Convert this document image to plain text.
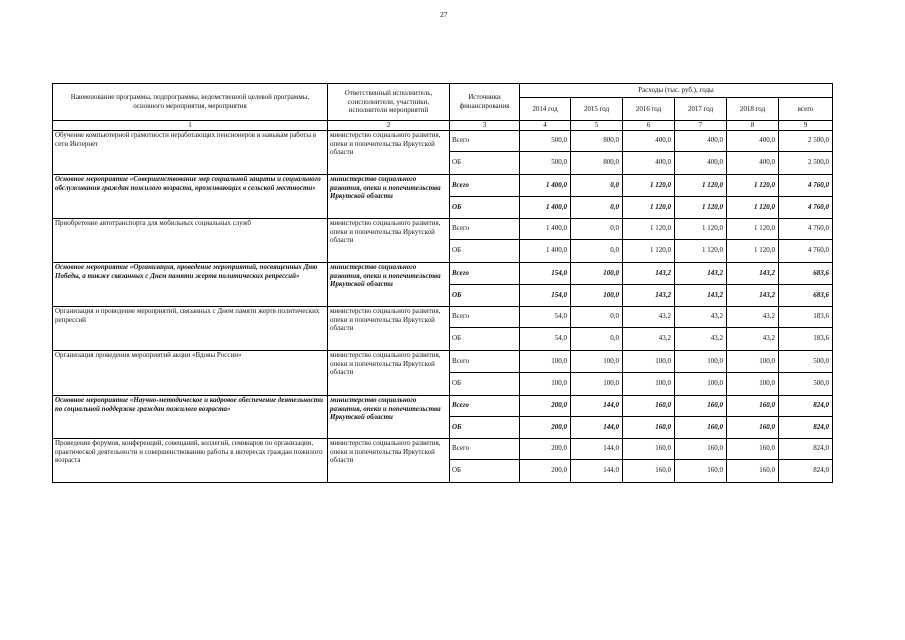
27
Наименование программы, подпрограммы, ведомственной целевой программы, основного мероприятия, мероприятия	Ответственный исполнитель, соисполнители, участники, исполнители мероприятий	Источники финансирования	Расходы (тыс. руб.), годы					
			2014 год	2015 год	2016 год	2017 год	2018 год	всего
1	2	3	4	5	6	7	8	9
Обучение компьютерной грамотности неработающих пенсионеров и навыкам работы в сети Интернет	министерство социального развития, опеки и попечительства Иркутской области	Всего	500,0	800,0	400,0	400,0	400,0	2 500,0
		ОБ	500,0	800,0	400,0	400,0	400,0	2 500,0
Основное мероприятие «Совершенствование мер социальной защиты и социального обслуживания граждан пожилого возраста, проживающих в сельской местности»	министерство социального развития, опеки и попечительства Иркутской области	Всего	1 400,0	0,0	1 120,0	1 120,0	1 120,0	4 760,0
		ОБ	1 400,0	0,0	1 120,0	1 120,0	1 120,0	4 760,0
Приобретение автотранспорта для мобильных социальных служб	министерство социального развития, опеки и попечительства Иркутской области	Всего	1 400,0	0,0	1 120,0	1 120,0	1 120,0	4 760,0
		ОБ	1 400,0	0,0	1 120,0	1 120,0	1 120,0	4 760,0
Основное мероприятие «Организация, проведение мероприятий, посвященных Дню Победы, а также связанных с Днем памяти жертв политических репрессий»	министерство социального развития, опеки и попечительства Иркутской области	Всего	154,0	100,0	143,2	143,2	143,2	683,6
		ОБ	154,0	100,0	143,2	143,2	143,2	683,6
Организация и проведение мероприятий, связанных с Днем памяти жертв политических репрессий	министерство социального развития, опеки и попечительства Иркутской области	Всего	54,0	0,0	43,2	43,2	43,2	183,6
		ОБ	54,0	0,0	43,2	43,2	43,2	183,6
Организация проведения мероприятий акции «Вдовы России»	министерство социального развития, опеки и попечительства Иркутской области	Всего	100,0	100,0	100,0	100,0	100,0	500,0
		ОБ	100,0	100,0	100,0	100,0	100,0	500,0
Основное мероприятие «Научно-методическое и кадровое обеспечение деятельности по социальной поддержке граждан пожилого возраста»	министерство социального развития, опеки и попечительства Иркутской области	Всего	200,0	144,0	160,0	160,0	160,0	824,0
		ОБ	200,0	144,0	160,0	160,0	160,0	824,0
Проведение форумов, конференций, совещаний, коллегий, семинаров по организации, практической деятельности и совершенствованию работы в интересах граждан пожилого возраста	министерство социального развития, опеки и попечительства Иркутской области	Всего	200,0	144,0	160,0	160,0	160,0	824,0
		ОБ	200,0	144,0	160,0	160,0	160,0	824,0
